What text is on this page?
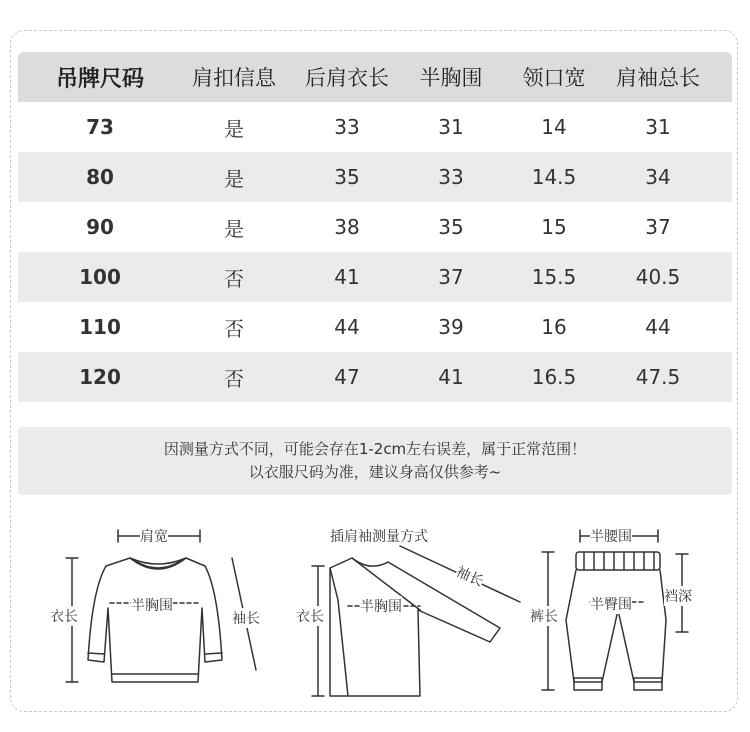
吊牌尺码	肩扣信息	后肩衣长	半胸围	领口宽	肩袖总长
73	是	33	31	14	31
80	是	35	33	14.5	34
90	是	38	35	15	37
100	否	41	37	15.5	40.5
110	否	44	39	16	44
120	否	47	41	16.5	47.5
因测量方式不同，可能会存在1-2cm左右误差，属于正常范围！
以衣服尺码为准，建议身高仅供参考~
肩宽
半胸围
衣长	袖长
插肩袖测量方式
半胸围
衣长
袖长
半腰围
半臀围
裤长
裆深
